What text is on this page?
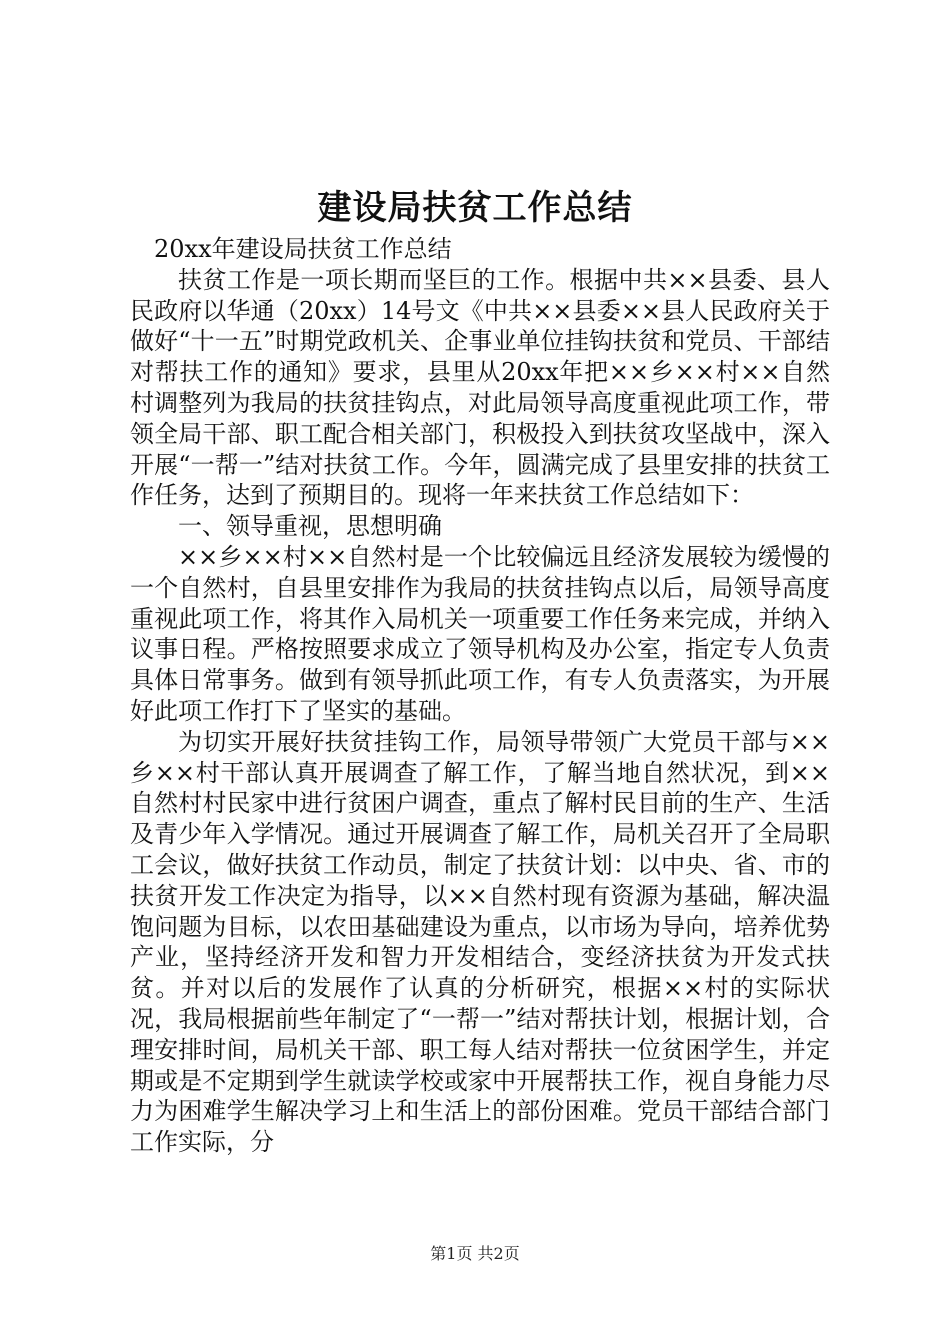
建设局扶贫工作总结

20xx年建设局扶贫工作总结

扶贫工作是一项长期而坚巨的工作。根据中共××县委、县人民政府以华通（20xx）14号文《中共××县委××县人民政府关于做好“十一五”时期党政机关、企事业单位挂钩扶贫和党员、干部结对帮扶工作的通知》要求，县里从20xx年把××乡××村××自然村调整列为我局的扶贫挂钩点，对此局领导高度重视此项工作，带领全局干部、职工配合相关部门，积极投入到扶贫攻坚战中，深入开展“一帮一”结对扶贫工作。今年，圆满完成了县里安排的扶贫工作任务，达到了预期目的。现将一年来扶贫工作总结如下：

一、领导重视，思想明确

××乡××村××自然村是一个比较偏远且经济发展较为缓慢的一个自然村，自县里安排作为我局的扶贫挂钩点以后，局领导高度重视此项工作，将其作入局机关一项重要工作任务来完成，并纳入议事日程。严格按照要求成立了领导机构及办公室，指定专人负责具体日常事务。做到有领导抓此项工作，有专人负责落实，为开展好此项工作打下了坚实的基础。

为切实开展好扶贫挂钩工作，局领导带领广大党员干部与××乡××村干部认真开展调查了解工作，了解当地自然状况，到××自然村村民家中进行贫困户调查，重点了解村民目前的生产、生活及青少年入学情况。通过开展调查了解工作，局机关召开了全局职工会议，做好扶贫工作动员，制定了扶贫计划：以中央、省、市的扶贫开发工作决定为指导，以××自然村现有资源为基础，解决温饱问题为目标，以农田基础建设为重点，以市场为导向，培养优势产业，坚持经济开发和智力开发相结合，变经济扶贫为开发式扶贫。并对以后的发展作了认真的分析研究，根据××村的实际状况，我局根据前些年制定了“一帮一”结对帮扶计划，根据计划，合理安排时间，局机关干部、职工每人结对帮扶一位贫困学生，并定期或是不定期到学生就读学校或家中开展帮扶工作，视自身能力尽力为困难学生解决学习上和生活上的部份困难。党员干部结合部门工作实际，分

第1页 共2页
